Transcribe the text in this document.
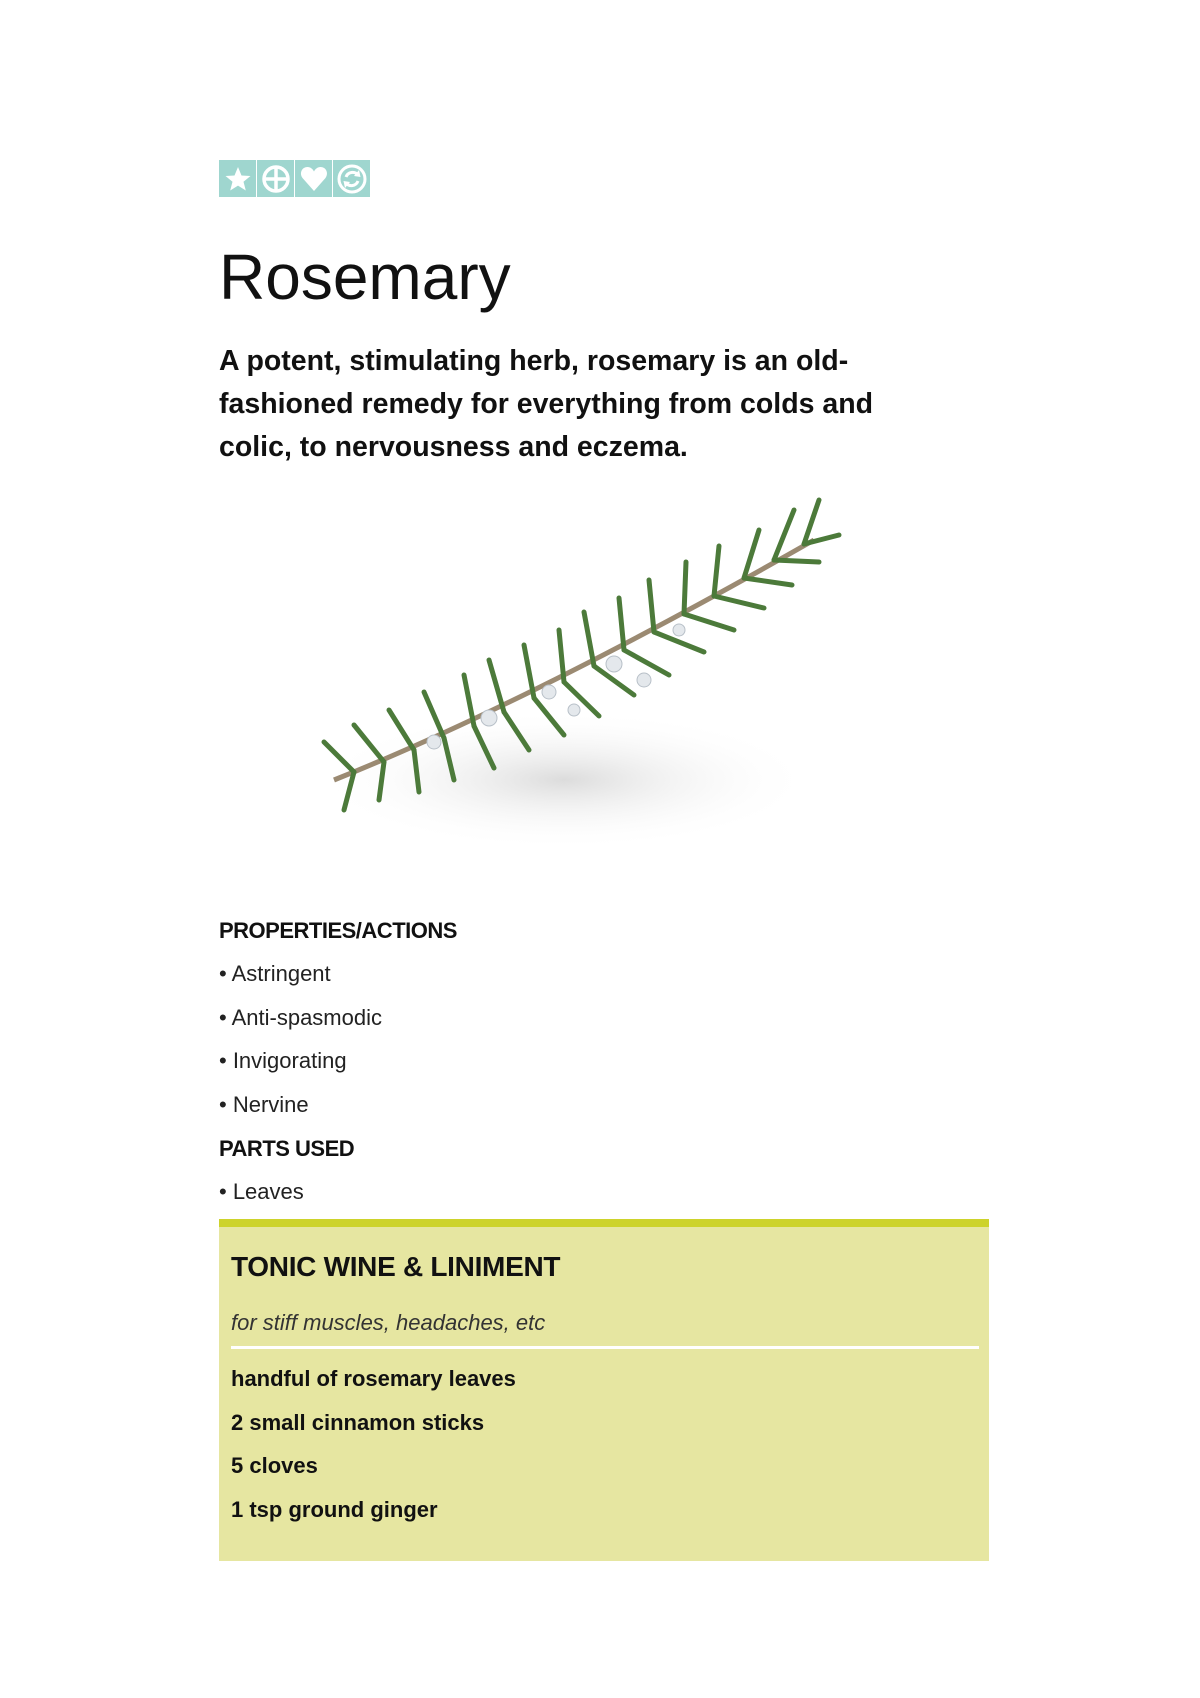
Rosemary

A potent, stimulating herb, rosemary is an old-fashioned remedy for everything from colds and colic, to nervousness and eczema.

PROPERTIES/ACTIONS
• Astringent
• Anti-spasmodic
• Invigorating
• Nervine
PARTS USED
• Leaves
TONIC WINE & LINIMENT

for stiff muscles, headaches, etc

handful of rosemary leaves
2 small cinnamon sticks
5 cloves
1 tsp ground ginger
